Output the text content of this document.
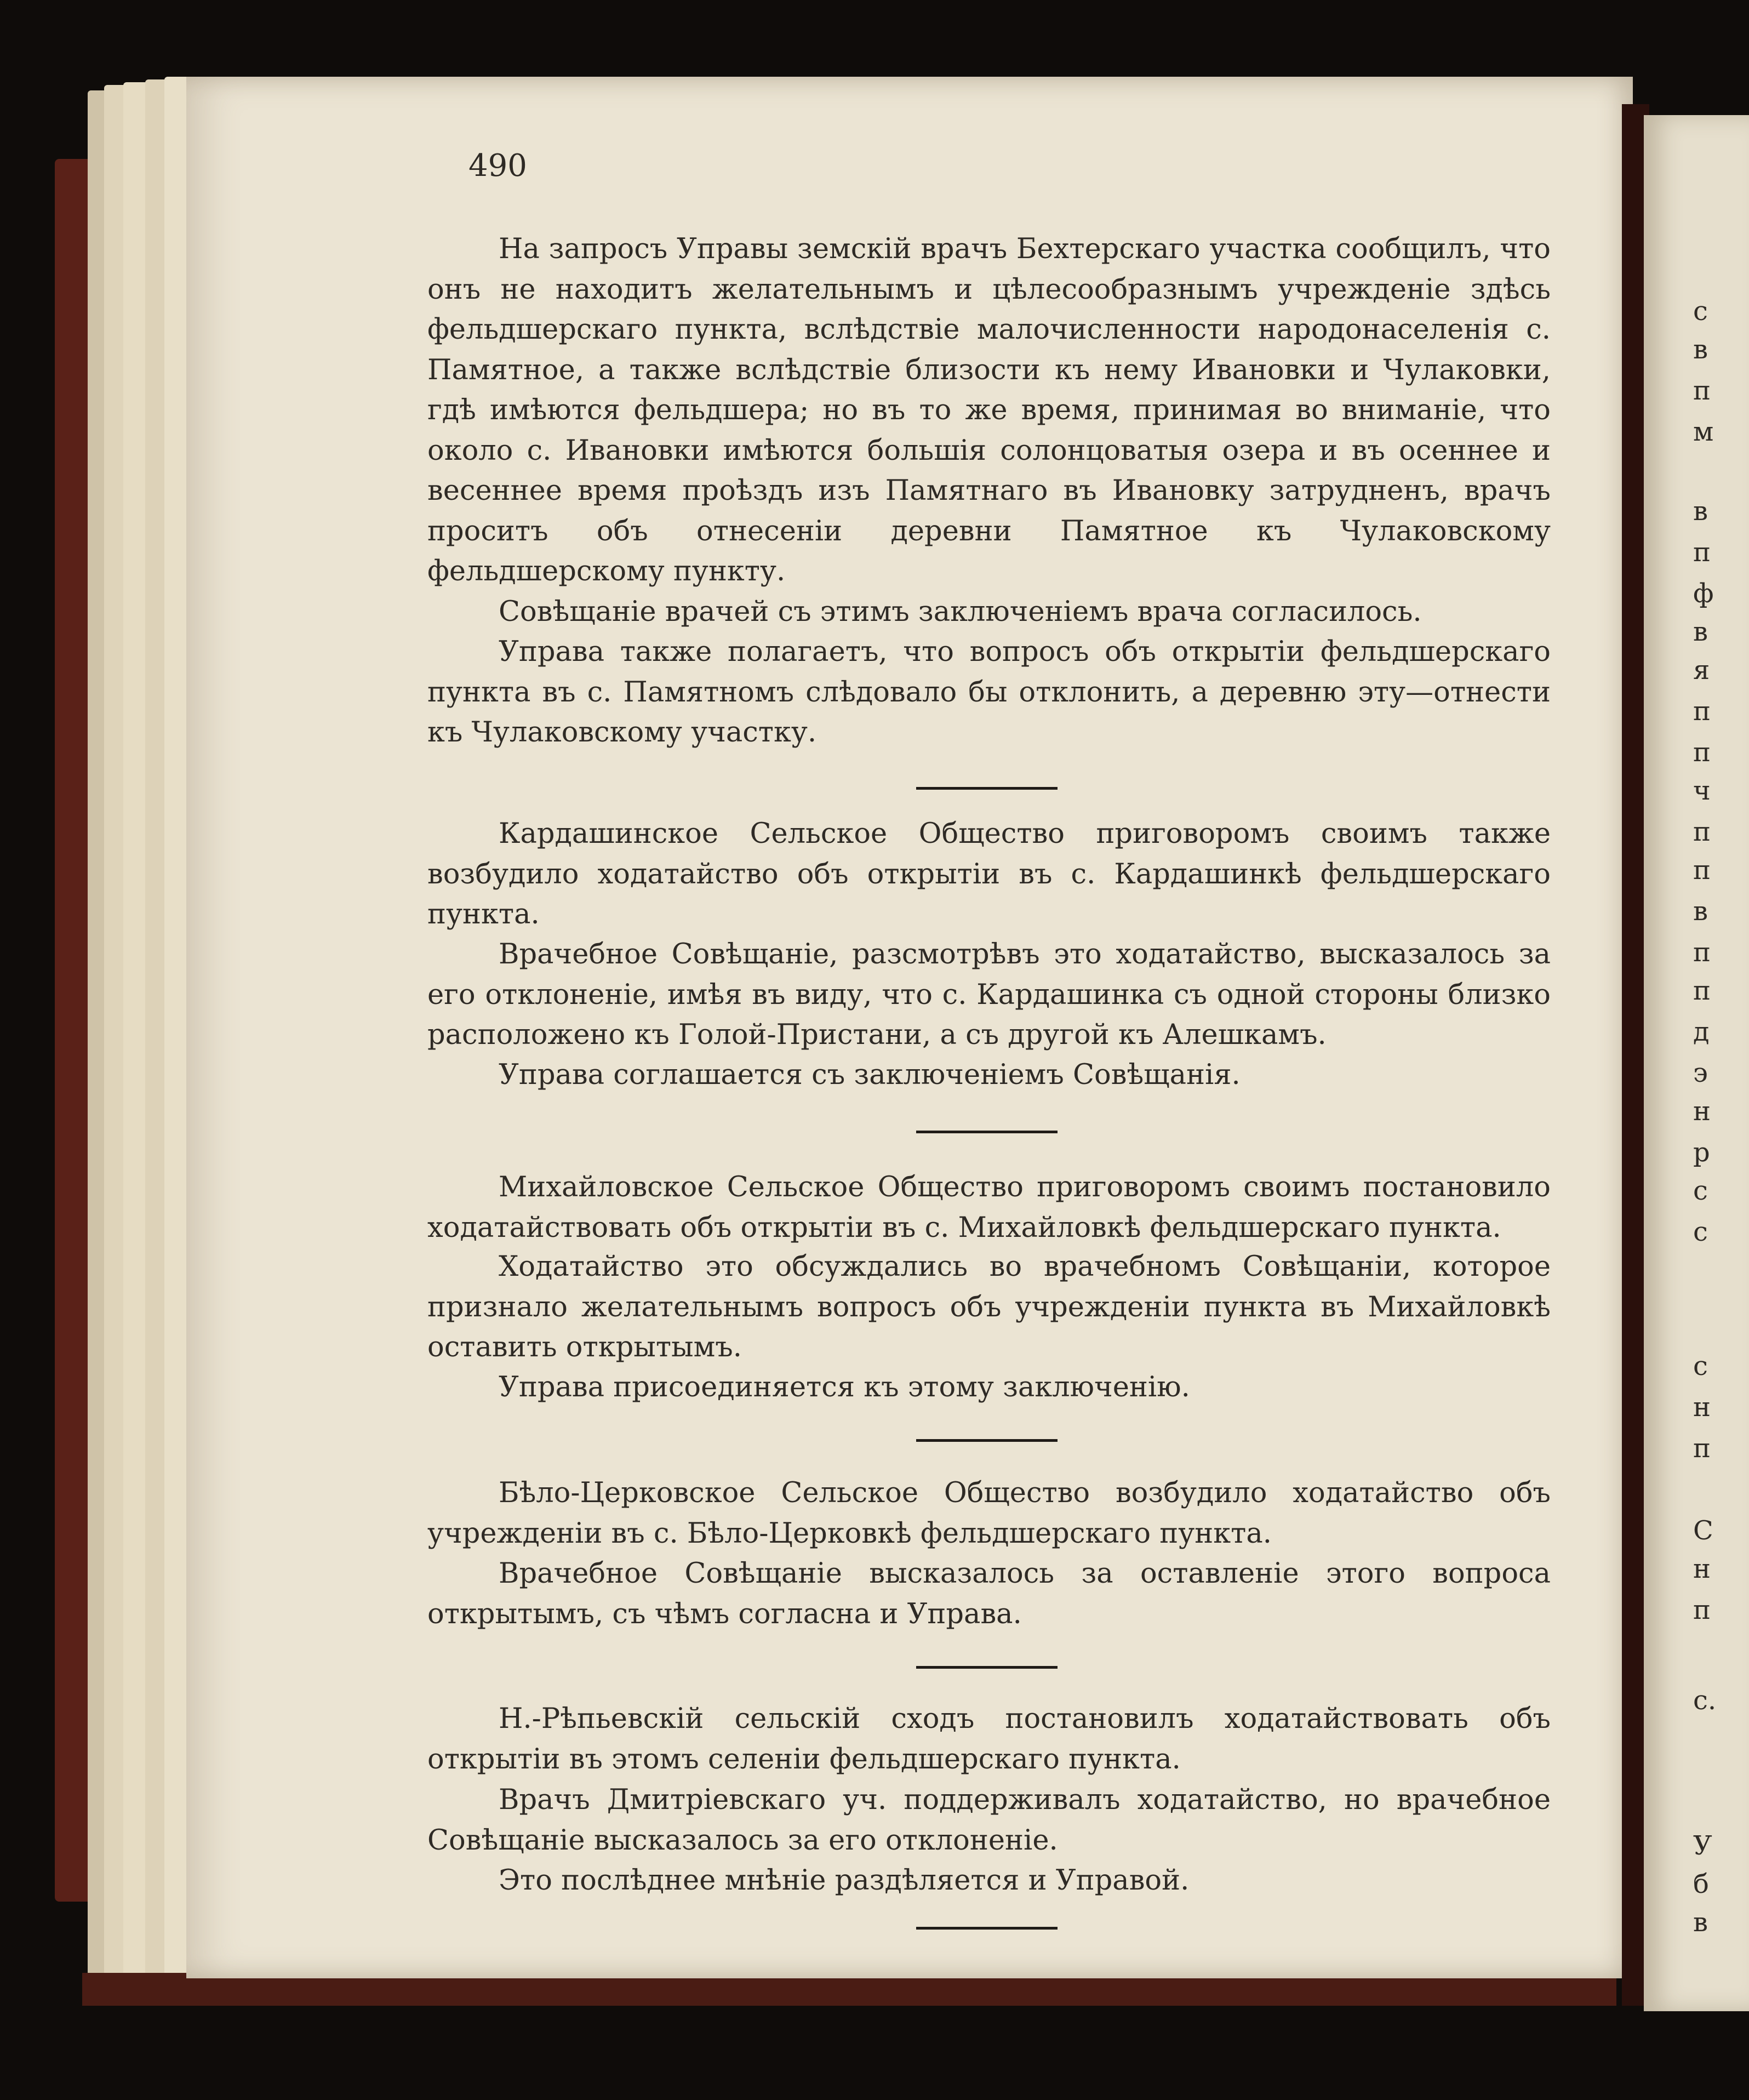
с
в
п
м
в
п
ф
в
я
п
п
ч
п
п
в
п
п
д
э
н
р
с
с
с
н
п
С
н
п
с.
У
б
в
490

На запросъ Управы земскій врачъ Бехтерскаго участка сообщилъ, что онъ не находитъ желательнымъ и цѣлесообразнымъ учрежденіе здѣсь фельдшерскаго пункта, вслѣдствіе малочисленности народонаселенія с. Памятное, а также вслѣдствіе близости къ нему Ивановки и Чулаковки, гдѣ имѣются фельдшера; но въ то же время, принимая во вниманіе, что около с. Ивановки имѣются большія солонцоватыя озера и въ осеннее и весеннее время проѣздъ изъ Памятнаго въ Ивановку затрудненъ, врачъ проситъ объ отнесеніи деревни Памятное къ Чулаковскому фельдшерскому пункту.

Совѣщаніе врачей съ этимъ заключеніемъ врача согласилось.

Управа также полагаетъ, что вопросъ объ открытіи фельдшерскаго пункта въ с. Памятномъ слѣдовало бы отклонить, а деревню эту—отнести къ Чулаковскому участку.

Кардашинское Сельское Общество приговоромъ своимъ также возбудило ходатайство объ открытіи въ с. Кардашинкѣ фельдшерскаго пункта.

Врачебное Совѣщаніе, разсмотрѣвъ это ходатайство, высказалось за его отклоненіе, имѣя въ виду, что с. Кардашинка съ одной стороны близко расположено къ Голой-Пристани, а съ другой къ Алешкамъ.

Управа соглашается съ заключеніемъ Совѣщанія.

Михайловское Сельское Общество приговоромъ своимъ постановило ходатайствовать объ открытіи въ с. Михайловкѣ фельдшерскаго пункта.

Ходатайство это обсуждались во врачебномъ Совѣщаніи, которое признало желательнымъ вопросъ объ учрежденіи пункта въ Михайловкѣ оставить открытымъ.

Управа присоединяется къ этому заключенію.

Бѣло-Церковское Сельское Общество возбудило ходатайство объ учрежденіи въ с. Бѣло-Церковкѣ фельдшерскаго пункта.

Врачебное Совѣщаніе высказалось за оставленіе этого вопроса открытымъ, съ чѣмъ согласна и Управа.

Н.-Рѣпьевскій сельскій сходъ постановилъ ходатайствовать объ открытіи въ этомъ селеніи фельдшерскаго пункта.

Врачъ Дмитріевскаго уч. поддерживалъ ходатайство, но врачебное Совѣщаніе высказалось за его отклоненіе.

Это послѣднее мнѣніе раздѣляется и Управой.
